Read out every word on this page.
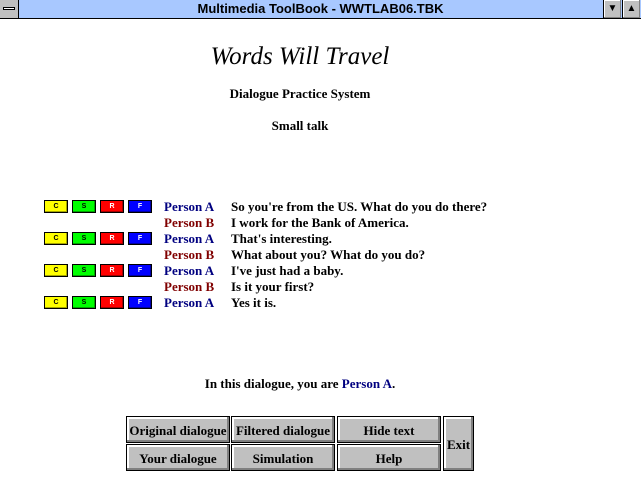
Multimedia ToolBook - WWTLAB06.TBK	▼ ▲
Words Will Travel
Dialogue Practice System
Small talk
C	S	R	F	Person A So you're from the US. What do you do there?
Person B I work for the Bank of America.
C	S	R	F	Person A That's interesting.
Person B What about you? What do you do?
C	S	R	F	Person A I've just had a baby.
Person B Is it your first?
C	S	R	F	Person A Yes it is.
In this dialogue, you are Person A.
Original dialogue Filtered dialogue	Hide text
Exit
Your dialogue	Simulation	Help
